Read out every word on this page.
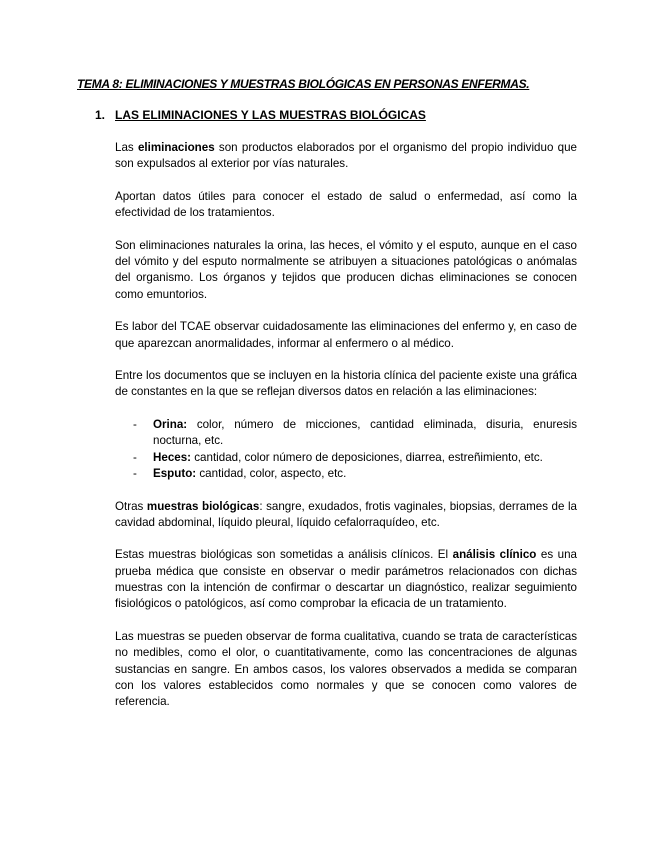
TEMA 8: ELIMINACIONES Y MUESTRAS BIOLÓGICAS EN PERSONAS ENFERMAS.
1. LAS ELIMINACIONES Y LAS MUESTRAS BIOLÓGICAS

Las eliminaciones son productos elaborados por el organismo del propio individuo que son expulsados al exterior por vías naturales.

Aportan datos útiles para conocer el estado de salud o enfermedad, así como la efectividad de los tratamientos.

Son eliminaciones naturales la orina, las heces, el vómito y el esputo, aunque en el caso del vómito y del esputo normalmente se atribuyen a situaciones patológicas o anómalas del organismo. Los órganos y tejidos que producen dichas eliminaciones se conocen como emuntorios.

Es labor del TCAE observar cuidadosamente las eliminaciones del enfermo y, en caso de que aparezcan anormalidades, informar al enfermero o al médico.

Entre los documentos que se incluyen en la historia clínica del paciente existe una gráfica de constantes en la que se reflejan diversos datos en relación a las eliminaciones:

- Orina: color, número de micciones, cantidad eliminada, disuria, enuresis nocturna, etc.
- Heces: cantidad, color número de deposiciones, diarrea, estreñimiento, etc.
- Esputo: cantidad, color, aspecto, etc.

Otras muestras biológicas: sangre, exudados, frotis vaginales, biopsias, derrames de la cavidad abdominal, líquido pleural, líquido cefalorraquídeo, etc.

Estas muestras biológicas son sometidas a análisis clínicos. El análisis clínico es una prueba médica que consiste en observar o medir parámetros relacionados con dichas muestras con la intención de confirmar o descartar un diagnóstico, realizar seguimiento fisiológicos o patológicos, así como comprobar la eficacia de un tratamiento.

Las muestras se pueden observar de forma cualitativa, cuando se trata de características no medibles, como el olor, o cuantitativamente, como las concentraciones de algunas sustancias en sangre. En ambos casos, los valores observados a medida se comparan con los valores establecidos como normales y que se conocen como valores de referencia.
